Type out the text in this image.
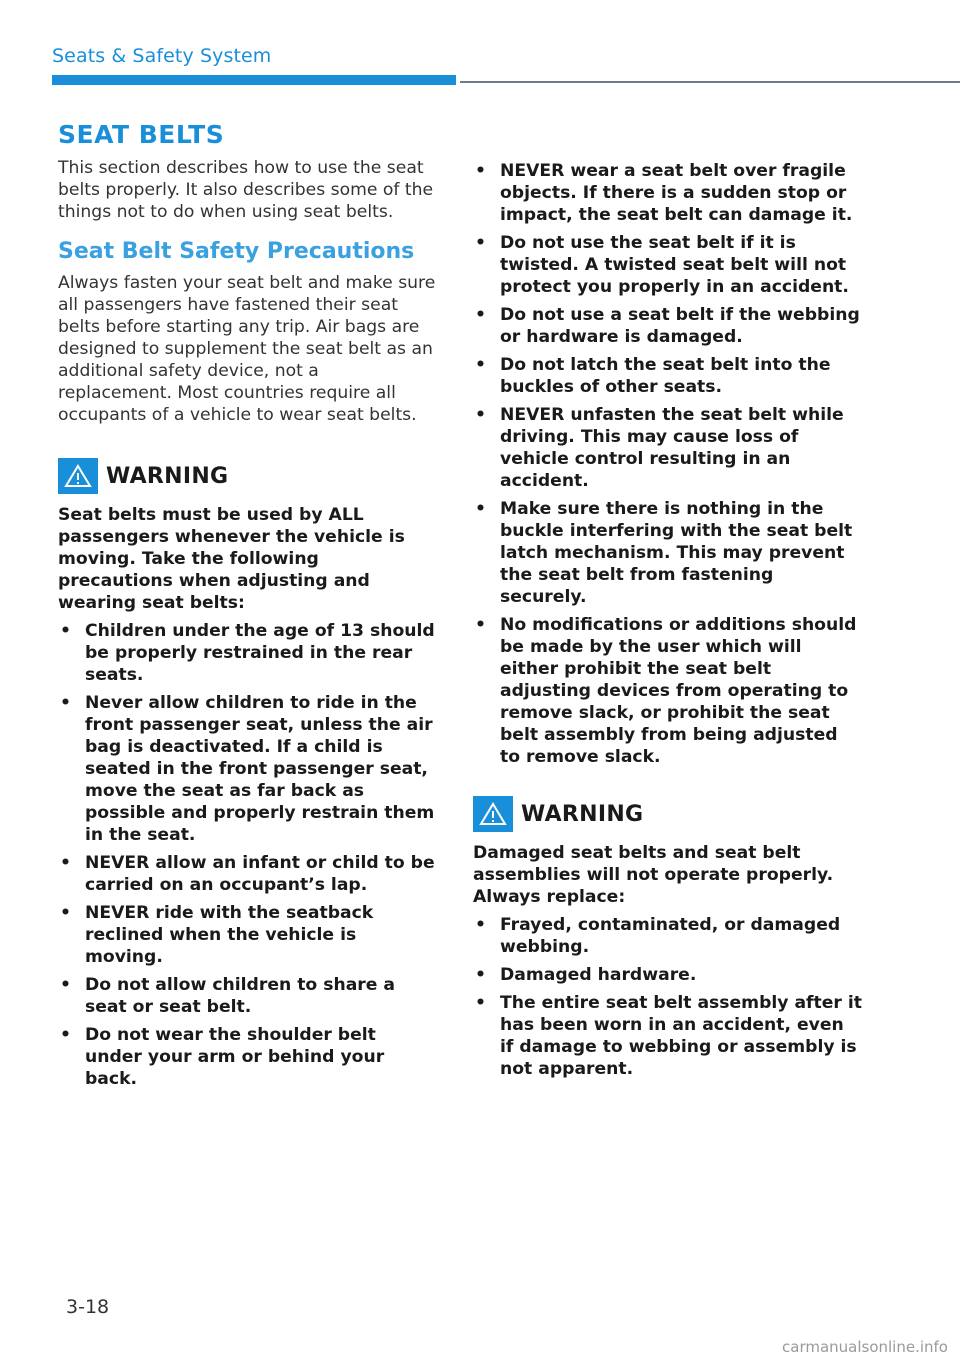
Seats & Safety System
SEAT BELTS

This section describes how to use the seat belts properly. It also describes some of the things not to do when using seat belts.

Seat Belt Safety Precautions

Always fasten your seat belt and make sure all passengers have fastened their seat belts before starting any trip. Air bags are designed to supplement the seat belt as an additional safety device, not a replacement. Most countries require all occupants of a vehicle to wear seat belts.

WARNING

Seat belts must be used by ALL passengers whenever the vehicle is moving. Take the following precautions when adjusting and wearing seat belts:

• Children under the age of 13 should be properly restrained in the rear seats.
• Never allow children to ride in the front passenger seat, unless the air bag is deactivated. If a child is seated in the front passenger seat, move the seat as far back as possible and properly restrain them in the seat.
• NEVER allow an infant or child to be carried on an occupant’s lap.
• NEVER ride with the seatback reclined when the vehicle is moving.
• Do not allow children to share a seat or seat belt.
• Do not wear the shoulder belt under your arm or behind your back.
• NEVER wear a seat belt over fragile objects. If there is a sudden stop or impact, the seat belt can damage it.
• Do not use the seat belt if it is twisted. A twisted seat belt will not protect you properly in an accident.
• Do not use a seat belt if the webbing or hardware is damaged.
• Do not latch the seat belt into the buckles of other seats.
• NEVER unfasten the seat belt while driving. This may cause loss of vehicle control resulting in an accident.
• Make sure there is nothing in the buckle interfering with the seat belt latch mechanism. This may prevent the seat belt from fastening securely.
• No modifications or additions should be made by the user which will either prohibit the seat belt adjusting devices from operating to remove slack, or prohibit the seat belt assembly from being adjusted to remove slack.
WARNING

Damaged seat belts and seat belt assemblies will not operate properly. Always replace:

• Frayed, contaminated, or damaged webbing.
• Damaged hardware.
• The entire seat belt assembly after it has been worn in an accident, even if damage to webbing or assembly is not apparent.
3-18
carmanualsonline.info
